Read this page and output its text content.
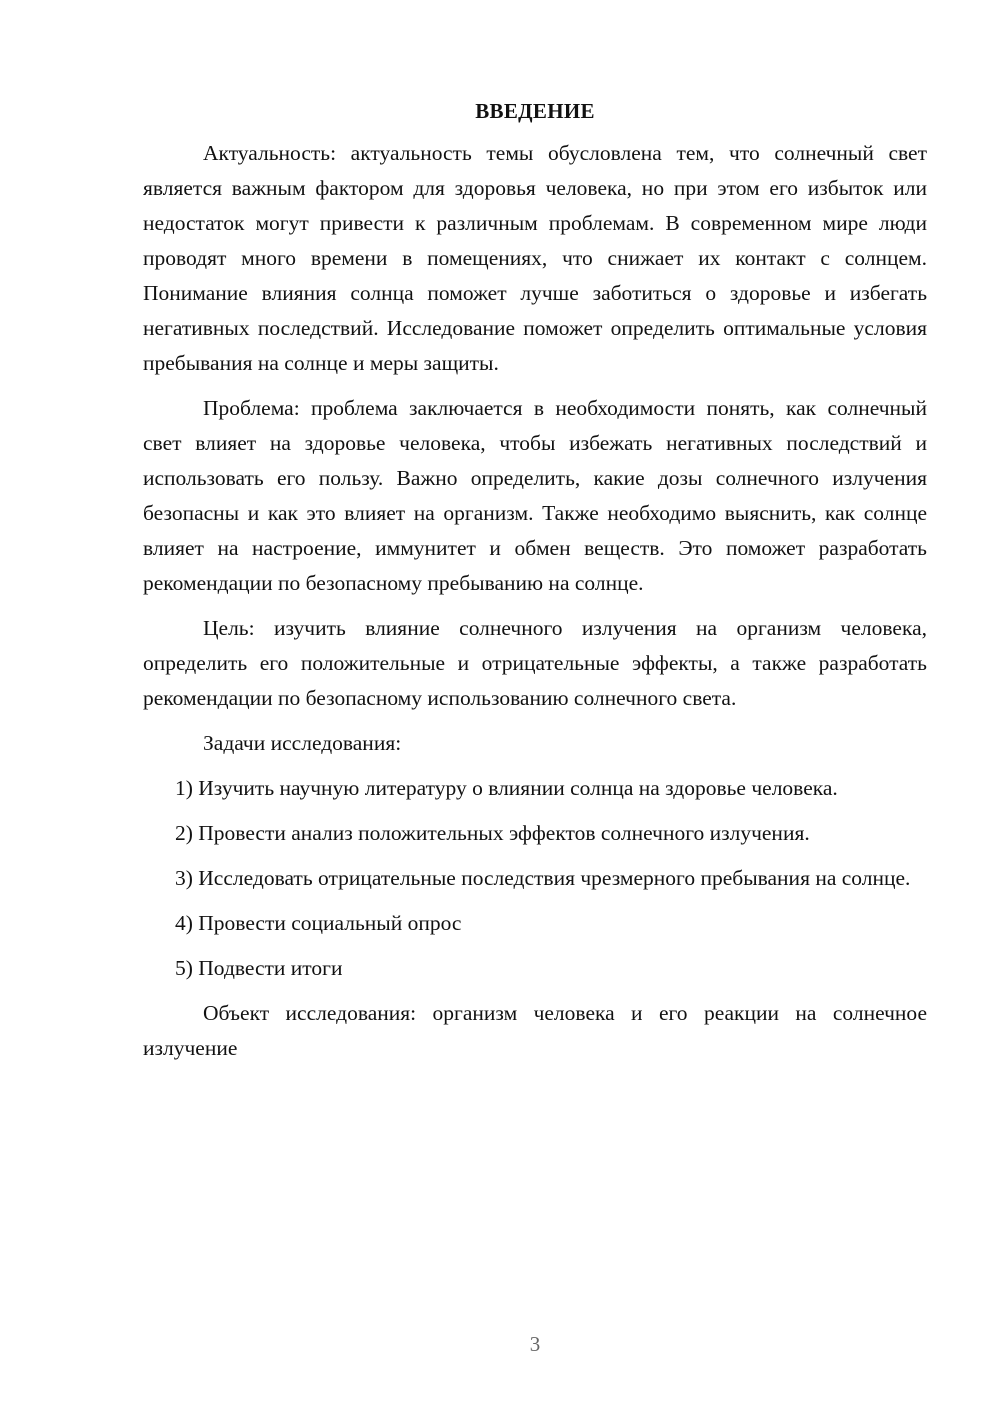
ВВЕДЕНИЕ

Актуальность: актуальность темы обусловлена тем, что солнечный свет является важным фактором для здоровья человека, но при этом его избыток или недостаток могут привести к различным проблемам. В современном мире люди проводят много времени в помещениях, что снижает их контакт с солнцем. Понимание влияния солнца поможет лучше заботиться о здоровье и избегать негативных последствий. Исследование поможет определить оптимальные условия пребывания на солнце и меры защиты.

Проблема: проблема заключается в необходимости понять, как солнечный свет влияет на здоровье человека, чтобы избежать негативных последствий и использовать его пользу. Важно определить, какие дозы солнечного излучения безопасны и как это влияет на организм. Также необходимо выяснить, как солнце влияет на настроение, иммунитет и обмен веществ. Это поможет разработать рекомендации по безопасному пребыванию на солнце.

Цель: изучить влияние солнечного излучения на организм человека, определить его положительные и отрицательные эффекты, а также разработать рекомендации по безопасному использованию солнечного света.

Задачи исследования:

1) Изучить научную литературу о влиянии солнца на здоровье человека.

2) Провести анализ положительных эффектов солнечного излучения.

3) Исследовать отрицательные последствия чрезмерного пребывания на солнце.

4) Провести социальный опрос

5) Подвести итоги

Объект исследования: организм человека и его реакции на солнечное излучение

3
